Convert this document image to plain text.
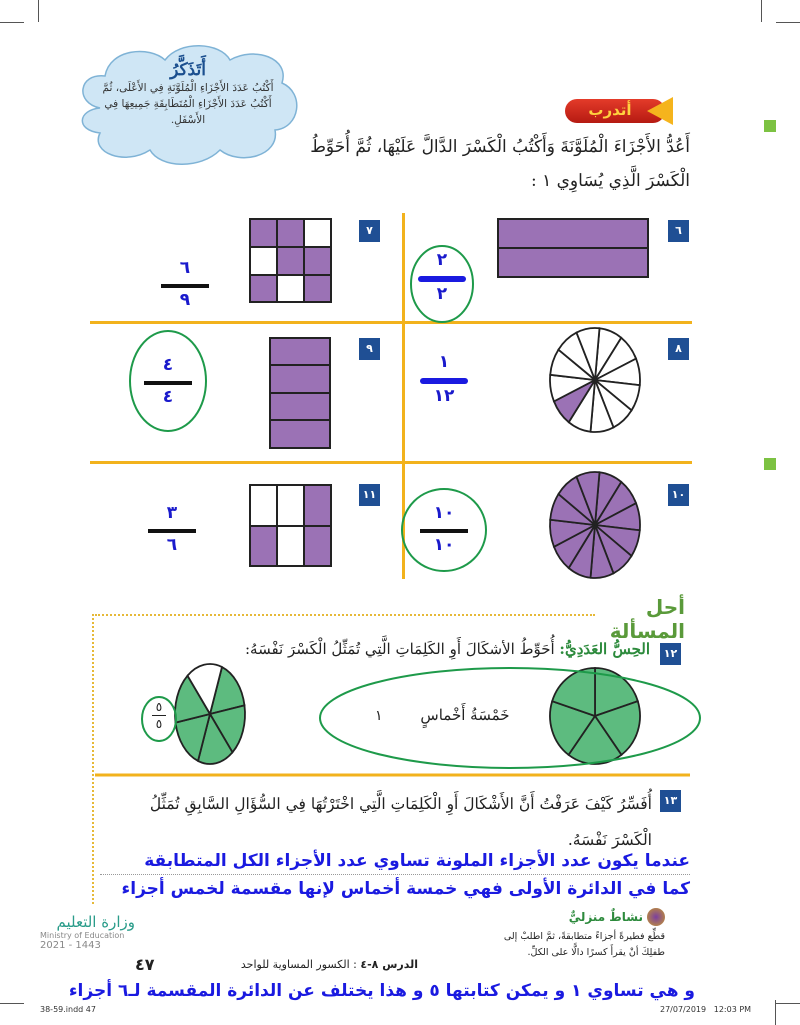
أَتَذَكَّرُ
أَكْتُبُ عَدَدَ الأَجْزَاءِ الْمُلَوَّنَةِ فِي الأَعْلَى، ثُمَّ أَكْتُبُ عَدَدَ الأَجْزَاءِ الْمُتَطَابِقَةِ جَمِيعِهَا فِي الأَسْفَلِ.
أتدرب
أَعُدُّ الأَجْزَاءَ الْمُلَوَّنَةَ وَأَكْتُبُ الْكَسْرَ الدَّالَّ عَلَيْهَا، ثُمَّ أُحَوِّطُ الْكَسْرَ الَّذِي يُسَاوِي ١ :
٦
٧
٨
٩
١٠
١١
٢
٢
٦
٩
١
١٢
٤
٤
١٠
١٠
٣
٦
أحل المسألة
١٢
الحِسُّ العَدَدِيُّ: أُحَوِّطُ الأشكَالَ أَوِ الكَلِمَاتِ الَّتِي تُمَثِّلُ الْكَسْرَ نَفْسَهُ:
خَمْسَةُ أَخْماسٍ
١
٥
٥
١٣
أُفَسِّرُ كَيْفَ عَرَفْتُ أَنَّ الأَشْكَالَ أَوِ الْكَلِمَاتِ الَّتِي اخْتَرْتُهَا فِي السُّؤَالِ السَّابِقِ تُمَثِّلُ الْكَسْرَ نَفْسَهُ.
عندما يكون عدد الأجزاء الملونة تساوي عدد الأجزاء الكل المتطابقة
كما في الدائرة الأولى فهي خمسة أخماس لإنها مقسمة لخمس أجزاء
و هي تساوي ١ و يمكن كتابتها ٥ و هذا يختلف عن الدائرة المقسمة لـ٦ أجزاء
نشاطٌ منزليٌّ
قطِّع فطيرةً أجزاءً متطابقةً، ثمَّ اطلبْ إلى طفلِكَ أنْ يقرأَ كسرًا دالًّا على الكلِّ.
وزارة التعليم
Ministry of Education
2021 - 1443
٤٧	الدرس ٨-٤ : الكسور المساوية للواحد
38-59.indd 47	27/07/2019   12:03 PM
